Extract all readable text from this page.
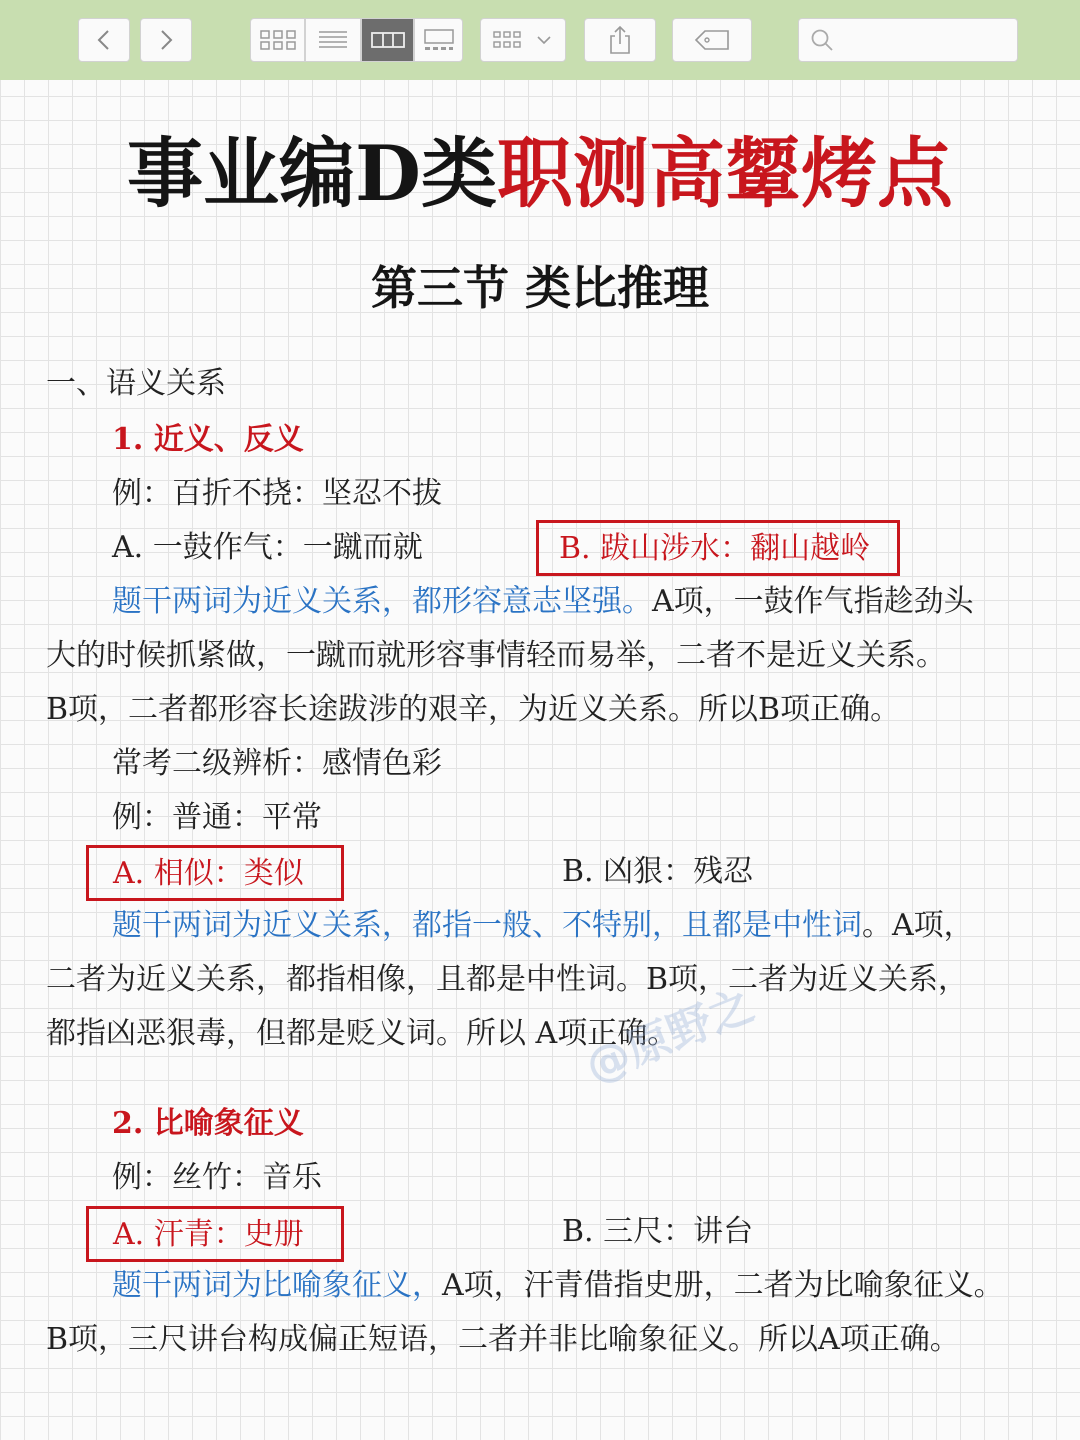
事业编D类职测高颦烤点
第三节 类比推理
一、语义关系
1. 近义、反义
例：百折不挠：坚忍不拔
A. 一鼓作气：一蹴而就	B. 跋山涉水：翻山越岭
题干两词为近义关系，都形容意志坚强。A项，一鼓作气指趁劲头
大的时候抓紧做，一蹴而就形容事情轻而易举，二者不是近义关系。
B项，二者都形容长途跋涉的艰辛，为近义关系。所以B项正确。
常考二级辨析：感情色彩
例：普通：平常
A. 相似：类似	B. 凶狠：残忍
题干两词为近义关系，都指一般、不特别，且都是中性词。A项，
二者为近义关系，都指相像，且都是中性词。B项，二者为近义关系，
都指凶恶狠毒，但都是贬义词。所以 A项正确。
2. 比喻象征义
例：丝竹：音乐
A. 汗青：史册	B. 三尺：讲台
题干两词为比喻象征义，A项，汗青借指史册，二者为比喻象征义。
B项，三尺讲台构成偏正短语，二者并非比喻象征义。所以A项正确。
@原野之
